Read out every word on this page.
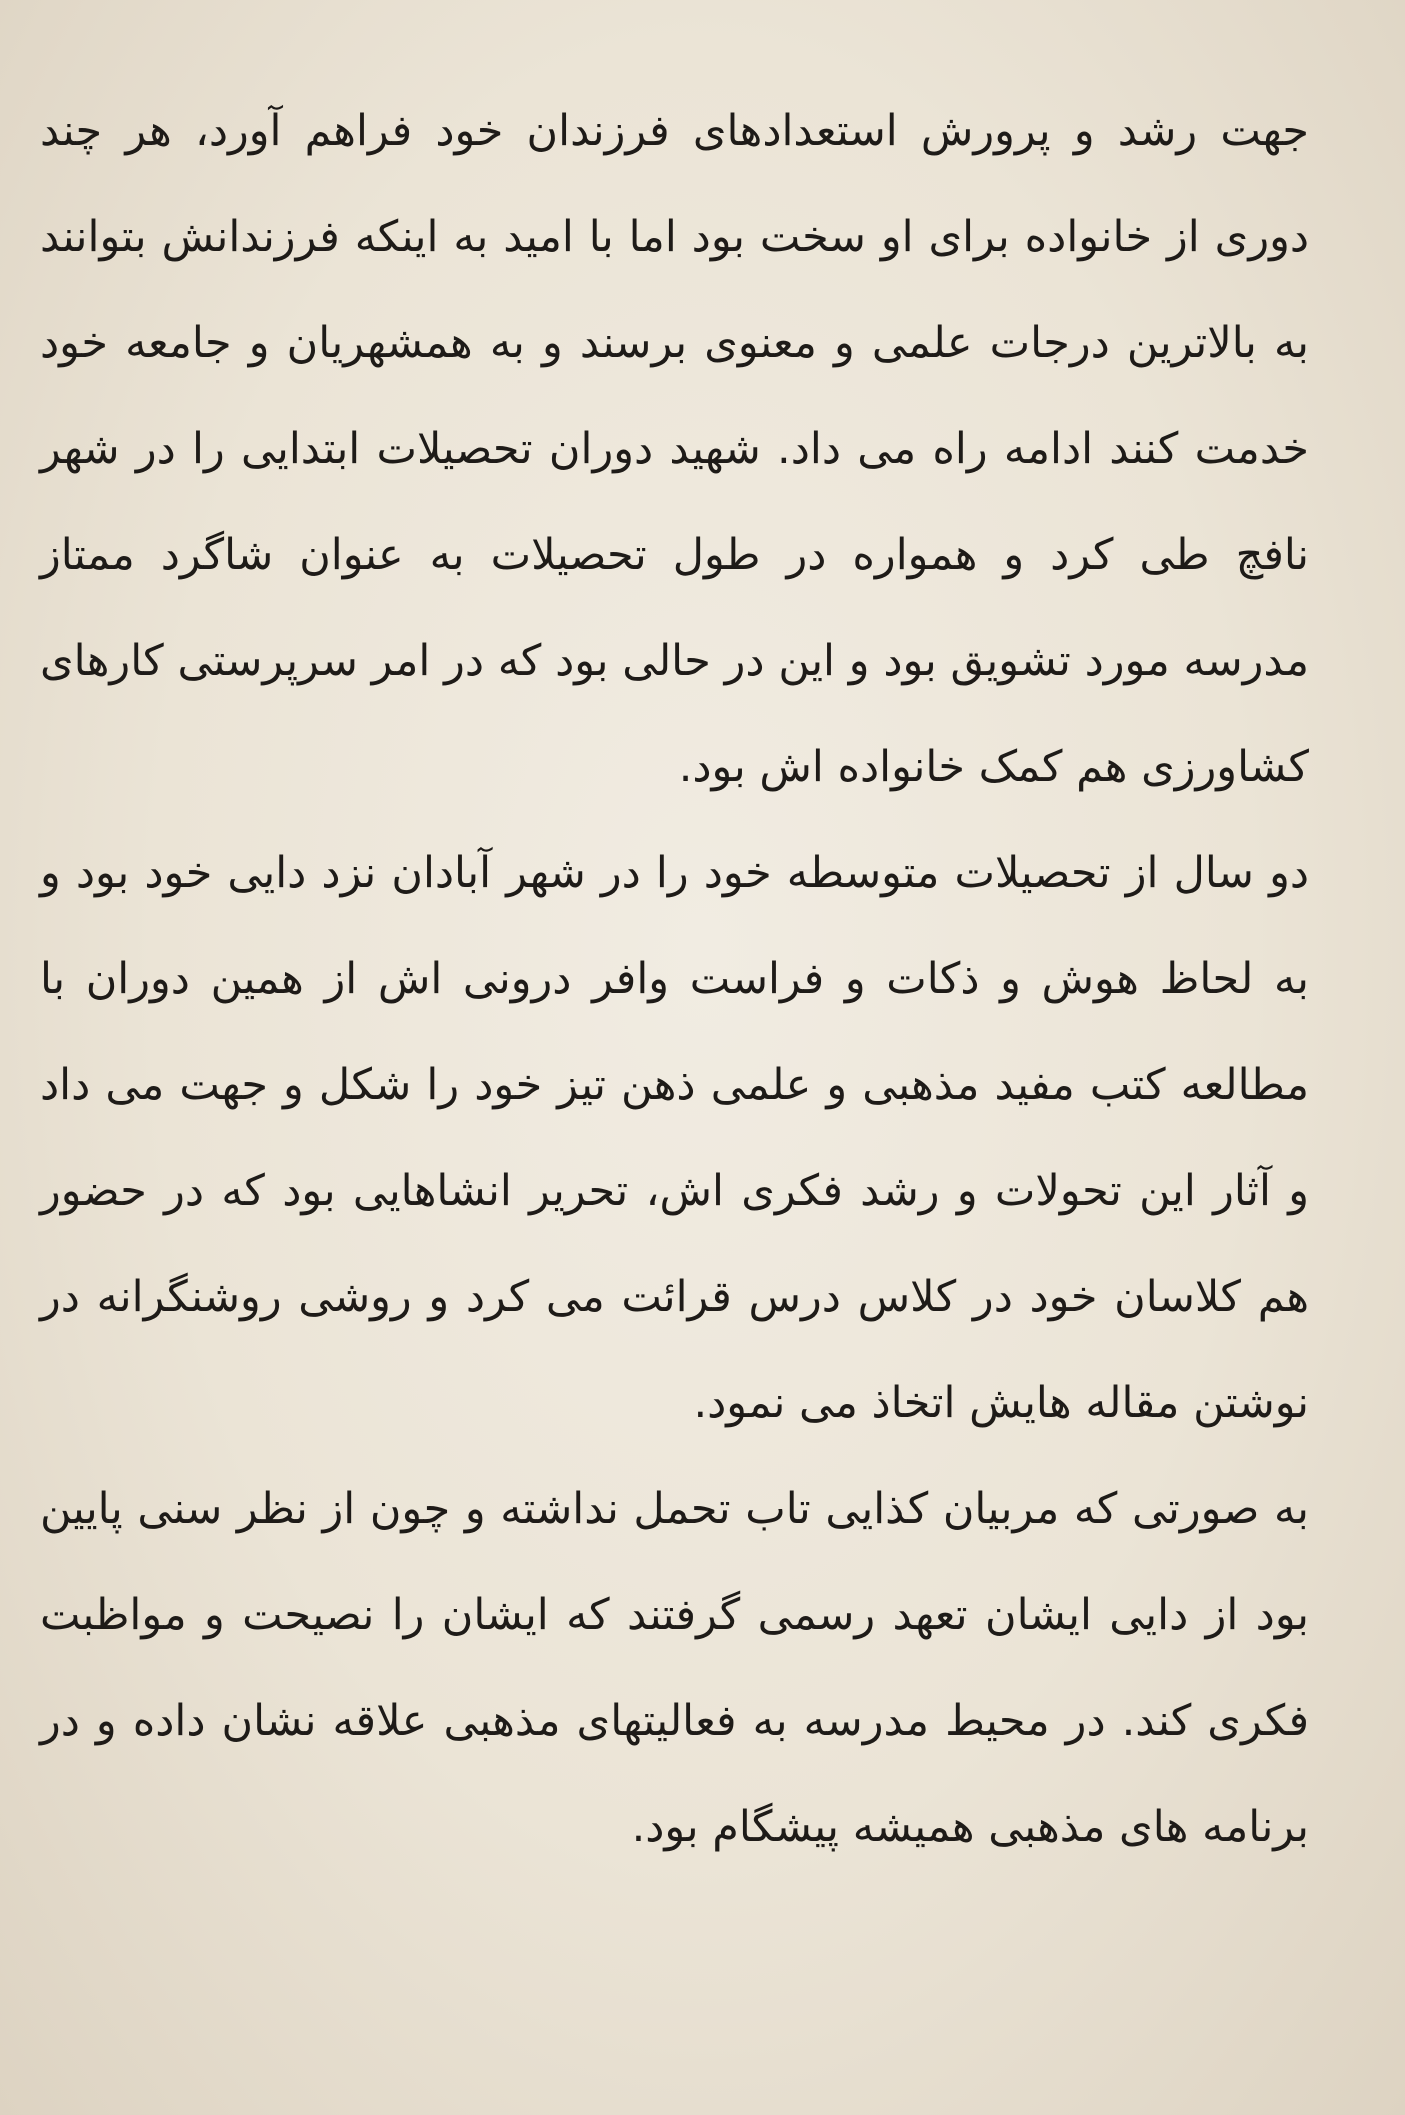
جهت رشد و پرورش استعدادهای فرزندان خود فراهم آورد، هر چند دوری از خانواده برای او سخت بود اما با امید به اینکه فرزندانش بتوانند به بالاترین درجات علمی و معنوی برسند و به همشهریان و جامعه خود خدمت کنند ادامه راه می داد. شهید دوران تحصیلات ابتدایی را در شهر نافچ طی کرد و همواره در طول تحصیلات به عنوان شاگرد ممتاز مدرسه مورد تشویق بود و این در حالی بود که در امر سرپرستی کارهای کشاورزی هم کمک خانواده اش بود.

دو سال از تحصیلات متوسطه خود را در شهر آبادان نزد دایی خود بود و به لحاظ هوش و ذکات و فراست وافر درونی اش از همین دوران با مطالعه کتب مفید مذهبی و علمی ذهن تیز خود را شکل و جهت می داد و آثار این تحولات و رشد فکری اش، تحریر انشاهایی بود که در حضور هم کلاسان خود در کلاس درس قرائت می کرد و روشی روشنگرانه در نوشتن مقاله هایش اتخاذ می نمود.

به صورتی که مربیان کذایی تاب تحمل نداشته و چون از نظر سنی پایین بود از دایی ایشان تعهد رسمی گرفتند که ایشان را نصیحت و مواظبت فکری کند. در محیط مدرسه به فعالیتهای مذهبی علاقه نشان داده و در برنامه های مذهبی همیشه پیشگام بود.
